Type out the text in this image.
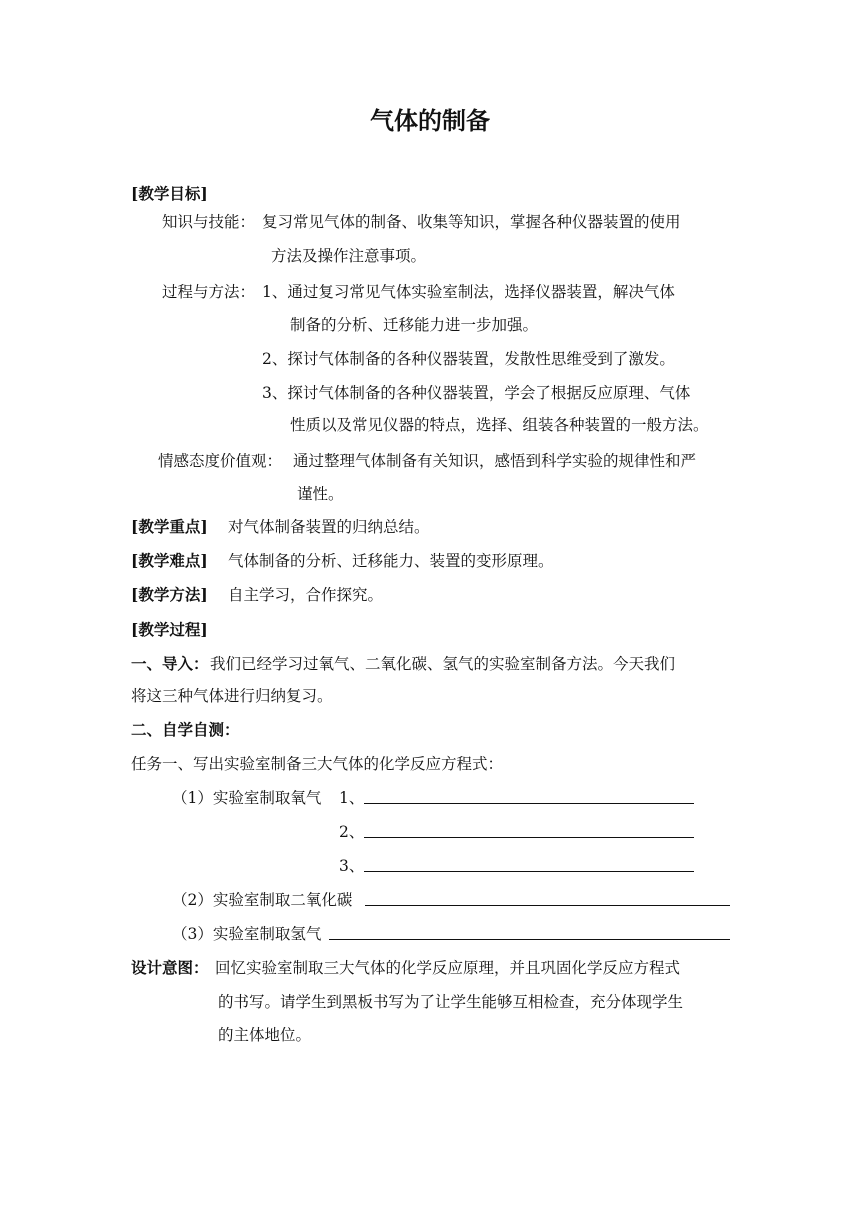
气体的制备
[教学目标]
知识与技能： 复习常见气体的制备、收集等知识，掌握各种仪器装置的使用
方法及操作注意事项。
过程与方法： 1、通过复习常见气体实验室制法，选择仪器装置，解决气体
制备的分析、迁移能力进一步加强。
2、探讨气体制备的各种仪器装置，发散性思维受到了激发。
3、探讨气体制备的各种仪器装置，学会了根据反应原理、气体
性质以及常见仪器的特点，选择、组装各种装置的一般方法。
情感态度价值观： 通过整理气体制备有关知识，感悟到科学实验的规律性和严
谨性。
[教学重点] 对气体制备装置的归纳总结。
[教学难点] 气体制备的分析、迁移能力、装置的变形原理。
[教学方法] 自主学习，合作探究。
[教学过程]
一、导入： 我们已经学习过氧气、二氧化碳、氢气的实验室制备方法。今天我们
将这三种气体进行归纳复习。
二、自学自测：
任务一、写出实验室制备三大气体的化学反应方程式：
（1）实验室制取氧气 1、
2、
3、
（2）实验室制取二氧化碳
（3）实验室制取氢气
设计意图： 回忆实验室制取三大气体的化学反应原理，并且巩固化学反应方程式
的书写。请学生到黑板书写为了让学生能够互相检查，充分体现学生
的主体地位。
